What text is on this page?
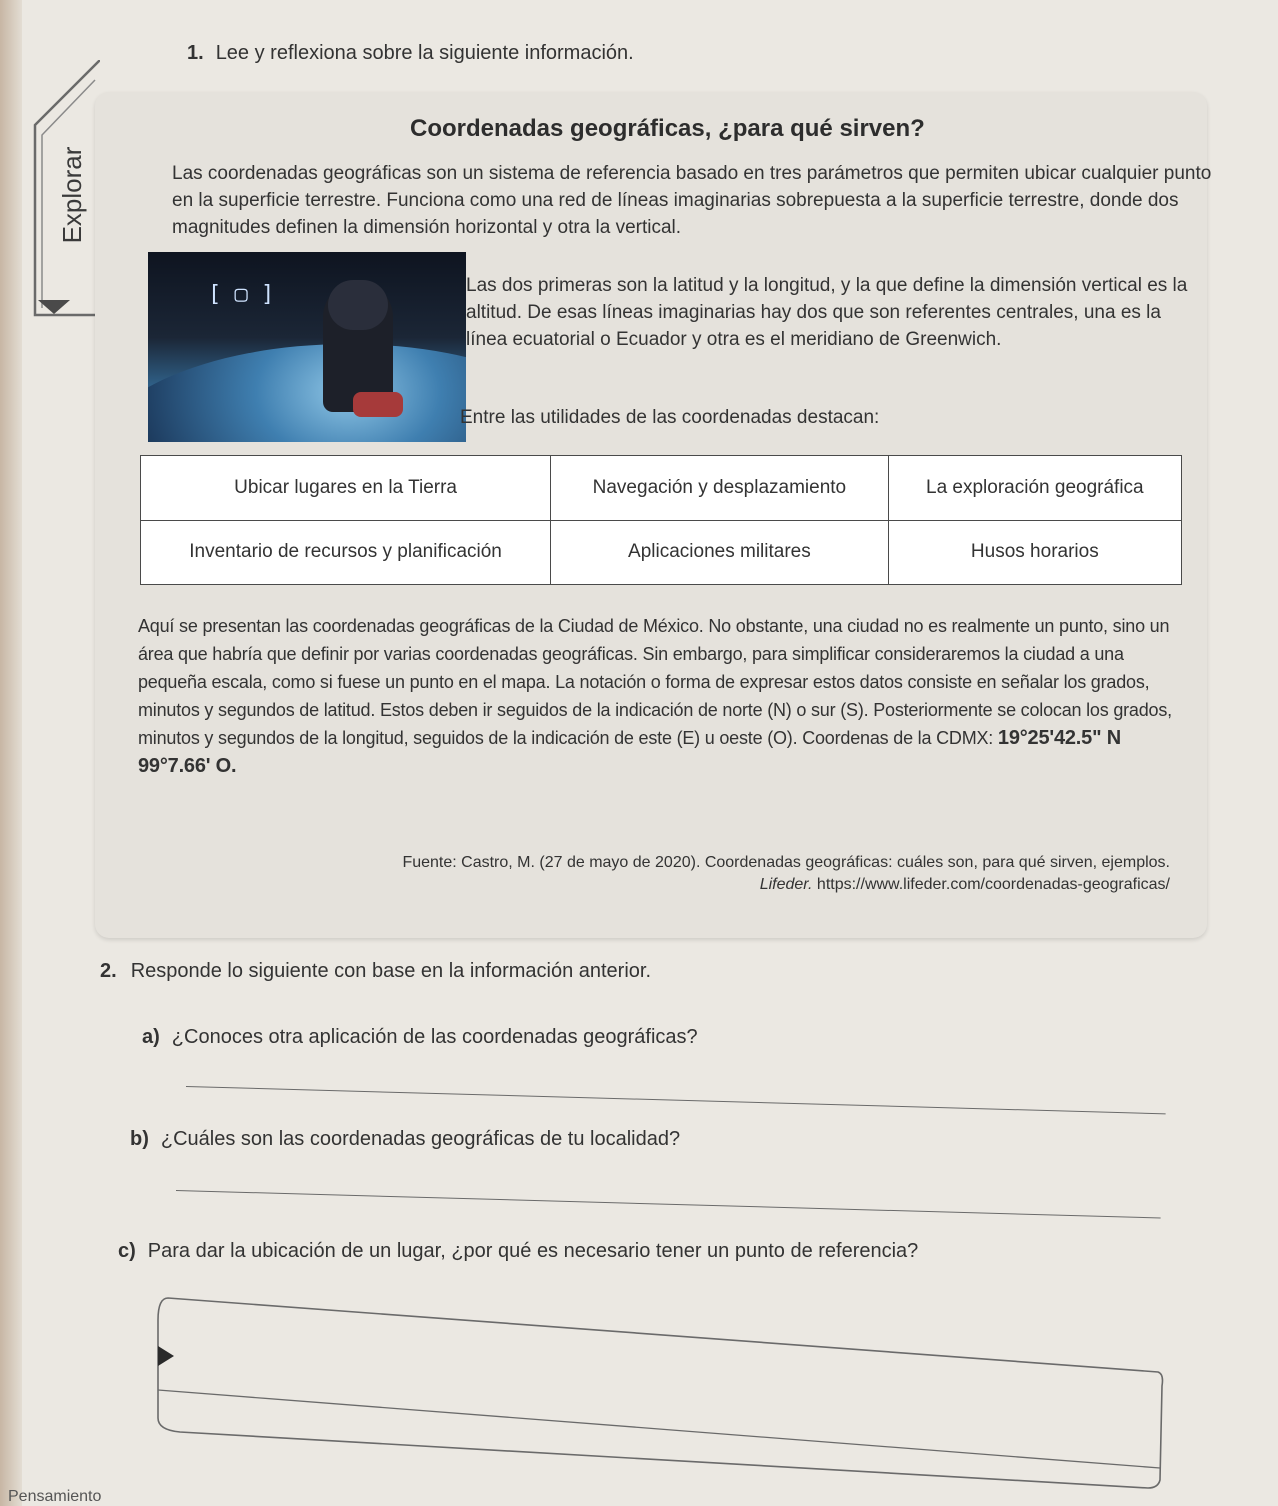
Explorar
1. Lee y reflexiona sobre la siguiente información.
Coordenadas geográficas, ¿para qué sirven?
Las coordenadas geográficas son un sistema de referencia basado en tres parámetros que permiten ubicar cualquier punto en la superficie terrestre. Funciona como una red de líneas imaginarias sobrepuesta a la superficie terrestre, donde dos magnitudes definen la dimensión horizontal y otra la vertical.
[ ▢ ]	Las dos primeras son la latitud y la longitud, y la que define la dimensión vertical es la altitud. De esas líneas imaginarias hay dos que son referentes centrales, una es la línea ecuatorial o Ecuador y otra es el meridiano de Greenwich.
Entre las utilidades de las coordenadas destacan:
Ubicar lugares en la Tierra	Navegación y desplazamiento	La exploración geográfica
Inventario de recursos y planificación	Aplicaciones militares	Husos horarios
Aquí se presentan las coordenadas geográficas de la Ciudad de México. No obstante, una ciudad no es realmente un punto, sino un área que habría que definir por varias coordenadas geográficas. Sin embargo, para simplificar consideraremos la ciudad a una pequeña escala, como si fuese un punto en el mapa. La notación o forma de expresar estos datos consiste en señalar los grados, minutos y segundos de latitud. Estos deben ir seguidos de la indicación de norte (N) o sur (S). Posteriormente se colocan los grados, minutos y segundos de la longitud, seguidos de la indicación de este (E) u oeste (O). Coordenas de la CDMX: 19°25'42.5" N 99°7.66' O.
Fuente: Castro, M. (27 de mayo de 2020). Coordenadas geográficas: cuáles son, para qué sirven, ejemplos.
Lifeder. https://www.lifeder.com/coordenadas-geograficas/
2. Responde lo siguiente con base en la información anterior.
a) ¿Conoces otra aplicación de las coordenadas geográficas?
b) ¿Cuáles son las coordenadas geográficas de tu localidad?
c) Para dar la ubicación de un lugar, ¿por qué es necesario tener un punto de referencia?
Pensamiento
